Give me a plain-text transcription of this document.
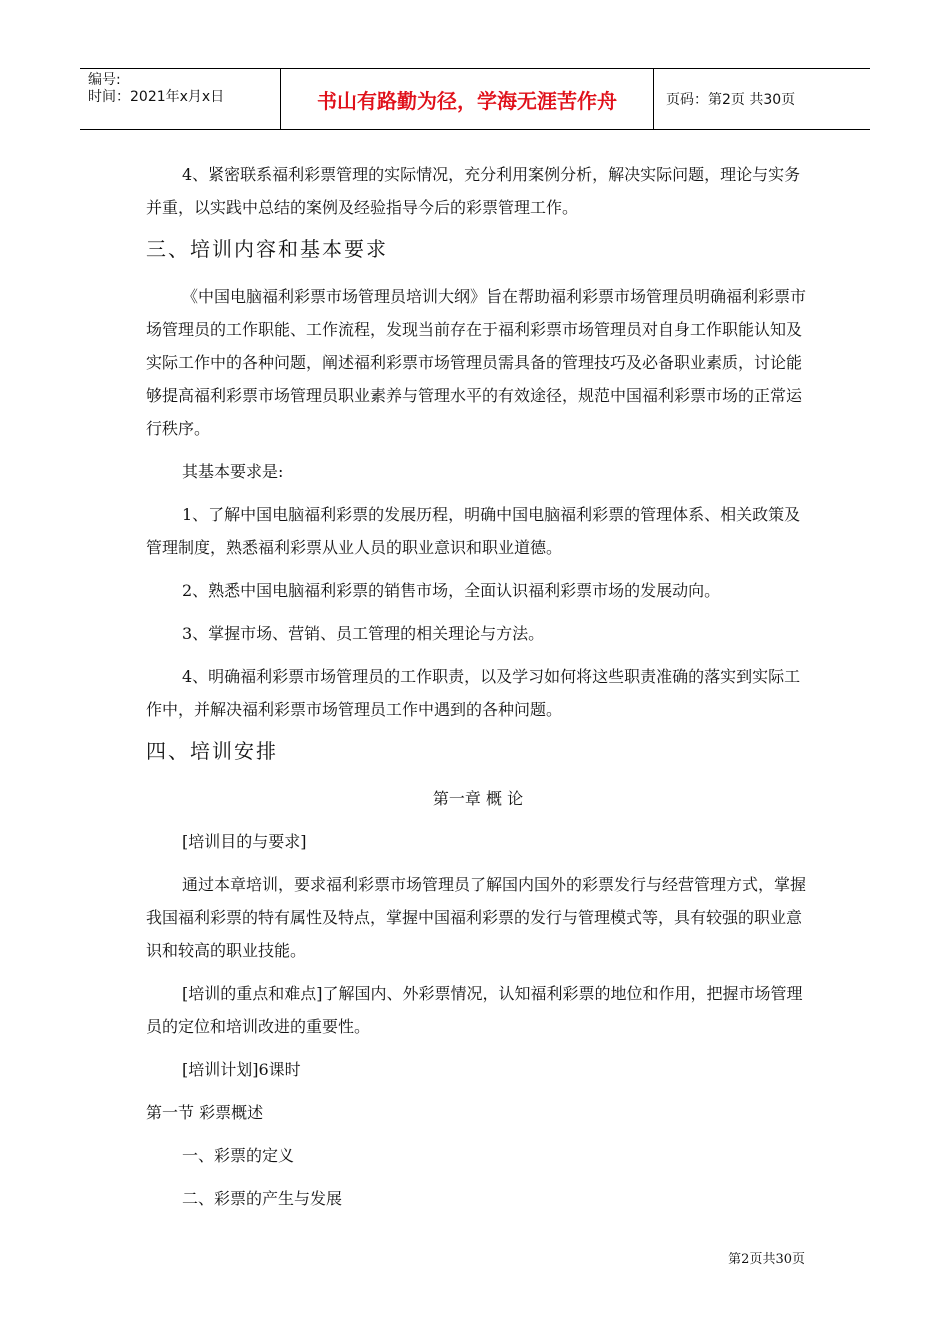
编号:
时间：2021年x月x日	书山有路勤为径，学海无涯苦作舟	页码：第2页 共30页

4、紧密联系福利彩票管理的实际情况，充分利用案例分析，解决实际问题，理论与实务并重，以实践中总结的案例及经验指导今后的彩票管理工作。

三、培训内容和基本要求

《中国电脑福利彩票市场管理员培训大纲》旨在帮助福利彩票市场管理员明确福利彩票市场管理员的工作职能、工作流程，发现当前存在于福利彩票市场管理员对自身工作职能认知及实际工作中的各种问题，阐述福利彩票市场管理员需具备的管理技巧及必备职业素质，讨论能够提高福利彩票市场管理员职业素养与管理水平的有效途径，规范中国福利彩票市场的正常运行秩序。

其基本要求是:

1、了解中国电脑福利彩票的发展历程，明确中国电脑福利彩票的管理体系、相关政策及管理制度，熟悉福利彩票从业人员的职业意识和职业道德。

2、熟悉中国电脑福利彩票的销售市场，全面认识福利彩票市场的发展动向。

3、掌握市场、营销、员工管理的相关理论与方法。

4、明确福利彩票市场管理员的工作职责，以及学习如何将这些职责准确的落实到实际工作中，并解决福利彩票市场管理员工作中遇到的各种问题。

四、培训安排

第一章 概 论

[培训目的与要求]

通过本章培训，要求福利彩票市场管理员了解国内国外的彩票发行与经营管理方式，掌握我国福利彩票的特有属性及特点，掌握中国福利彩票的发行与管理模式等，具有较强的职业意识和较高的职业技能。

[培训的重点和难点]了解国内、外彩票情况，认知福利彩票的地位和作用，把握市场管理员的定位和培训改进的重要性。

[培训计划]6课时

第一节 彩票概述

一、彩票的定义

二、彩票的产生与发展

第2页共30页
